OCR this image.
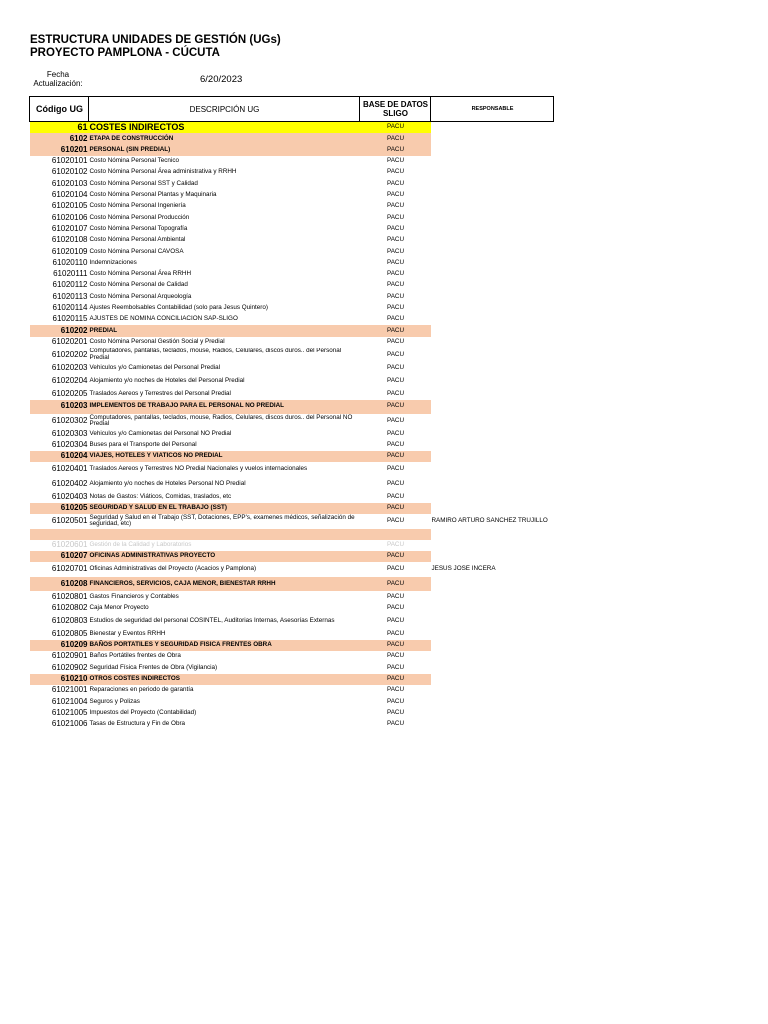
ESTRUCTURA UNIDADES DE GESTIÓN (UGs)
PROYECTO PAMPLONA - CÚCUTA
Fecha Actualización:	6/20/2023
Código UG	DESCRIPCIÓN UG	BASE DE DATOS SLIGO	RESPONSABLE
61	COSTES INDIRECTOS	PACU	
6102	ETAPA DE CONSTRUCCIÓN	PACU	
610201	PERSONAL (SIN PREDIAL)	PACU	
61020101	Costo Nómina Personal Tecnico	PACU	
61020102	Costo Nómina Personal Área administrativa y RRHH	PACU	
61020103	Costo Nómina Personal SST y Calidad	PACU	
61020104	Costo Nómina Personal Plantas y Maquinaria	PACU	
61020105	Costo Nómina Personal Ingeniería	PACU	
61020106	Costo Nómina Personal Producción	PACU	
61020107	Costo Nómina Personal Topografía	PACU	
61020108	Costo Nómina Personal Ambiental	PACU	
61020109	Costo Nómina Personal CAVOSA	PACU	
61020110	Indemnizaciones	PACU	
61020111	Costo Nómina Personal Área RRHH	PACU	
61020112	Costo Nómina Personal de Calidad	PACU	
61020113	Costo Nómina Personal Arqueología	PACU	
61020114	Ajustes Reembolsables Contabilidad (solo para Jesus Quintero)	PACU	
61020115	AJUSTES DE NOMINA CONCILIACION SAP-SLIGO	PACU	
610202	PREDIAL	PACU	
61020201	Costo Nómina Personal Gestión Social y Predial	PACU	
61020202	Computadores, pantallas, teclados, mouse, Radios, Celulares, discos duros.. del Personal Predial	PACU	
61020203	Vehiculos y/o Camionetas del Personal Predial	PACU	
61020204	Alojamiento y/o noches de Hoteles del Personal Predial	PACU	
61020205	Traslados Aereos y Terrestres del Personal Predial	PACU	
610203	IMPLEMENTOS DE TRABAJO PARA EL PERSONAL NO PREDIAL	PACU	
61020302	Computadores, pantallas, teclados, mouse, Radios, Celulares, discos duros.. del Personal NO Predial	PACU	
61020303	Vehiculos y/o Camionetas del Personal NO Predial	PACU	
61020304	Buses para el Transporte del Personal	PACU	
610204	VIAJES, HOTELES Y VIATICOS NO PREDIAL	PACU	
61020401	Traslados Aereos y Terrestres NO Predial Nacionales y vuelos internacionales	PACU	
61020402	Alojamiento y/o noches de Hoteles Personal NO Predial	PACU	
61020403	Notas de Gastos: Viáticos, Comidas, traslados, etc	PACU	
610205	SEGURIDAD Y SALUD EN EL TRABAJO (SST)	PACU	
61020501	Seguridad y Salud en el Trabajo (SST, Dotaciones, EPP's, examenes médicos, señalización de seguridad, etc)	PACU	RAMIRO ARTURO SANCHEZ TRUJILLO

61020601	Gestión de la Calidad y Laboratorios	PACU	
610207	OFICINAS ADMINISTRATIVAS PROYECTO	PACU	
61020701	Oficinas Administrativas del Proyecto (Acacios y Pamplona)	PACU	JESUS JOSE INCERA
610208	FINANCIEROS, SERVICIOS, CAJA MENOR, BIENESTAR RRHH	PACU	
61020801	Gastos Financieros y Contables	PACU	
61020802	Caja Menor Proyecto	PACU	
61020803	Estudios de seguridad del personal COSINTEL, Auditorias Internas, Asesorías Externas	PACU	
61020805	Bienestar y Eventos RRHH	PACU	
610209	BAÑOS PORTATILES Y SEGURIDAD FISICA FRENTES OBRA	PACU	
61020901	Baños Portátiles frentes de Obra	PACU	
61020902	Seguridad Física Frentes de Obra (Vigilancia)	PACU	
610210	OTROS COSTES INDIRECTOS	PACU	
61021001	Reparaciones en periodo de garantía	PACU	
61021004	Seguros y Polizas	PACU	
61021005	Impuestos del Proyecto (Contabilidad)	PACU	
61021006	Tasas de Estructura y Fin de Obra	PACU	
